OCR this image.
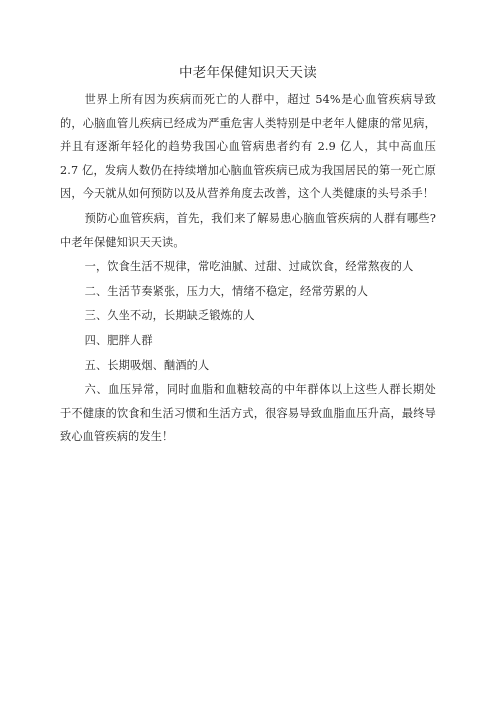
中老年保健知识天天读

世界上所有因为疾病而死亡的人群中，超过 54%是心血管疾病导致的，心脑血管儿疾病已经成为严重危害人类特别是中老年人健康的常见病，并且有逐渐年轻化的趋势我国心血管病患者约有 2.9 亿人，其中高血压 2.7 亿，发病人数仍在持续增加心脑血管疾病已成为我国居民的第一死亡原因，今天就从如何预防以及从营养角度去改善，这个人类健康的头号杀手！

预防心血管疾病，首先，我们来了解易患心脑血管疾病的人群有哪些?中老年保健知识天天读。

一，饮食生活不规律，常吃油腻、过甜、过咸饮食，经常熬夜的人

二、生活节奏紧张，压力大，情绪不稳定，经常劳累的人

三、久坐不动，长期缺乏锻炼的人

四、肥胖人群

五、长期吸烟、酗酒的人

六、血压异常，同时血脂和血糖较高的中年群体以上这些人群长期处于不健康的饮食和生活习惯和生活方式，很容易导致血脂血压升高，最终导致心血管疾病的发生！
